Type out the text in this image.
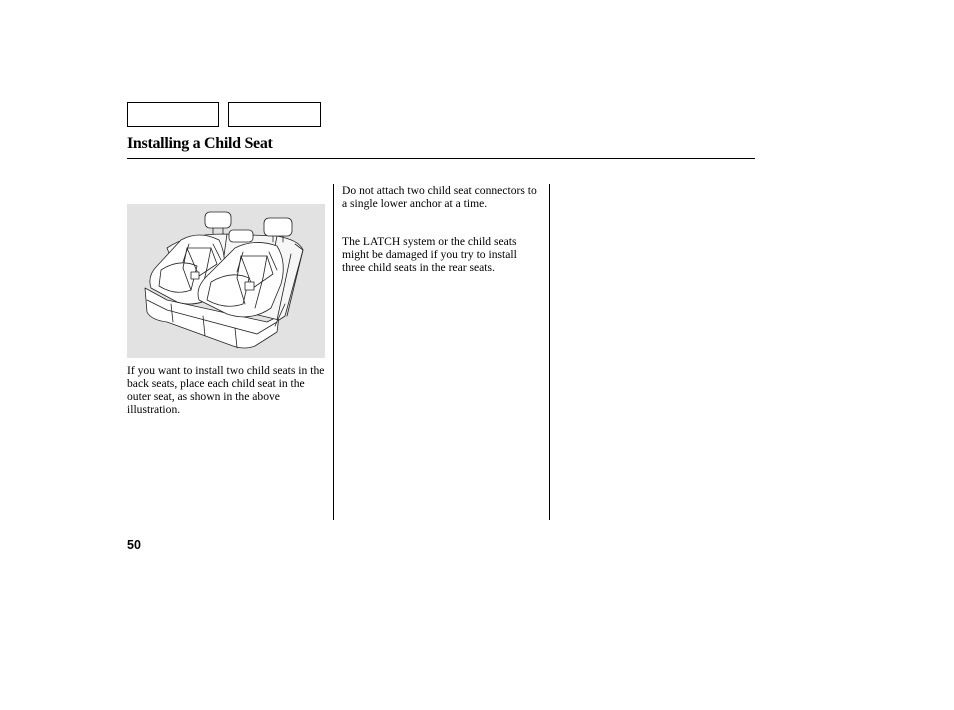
Installing a Child Seat

If you want to install two child seats in the back seats, place each child seat in the outer seat, as shown in the above illustration.

Do not attach two child seat connectors to a single lower anchor at a time.

The LATCH system or the child seats might be damaged if you try to install three child seats in the rear seats.

50
